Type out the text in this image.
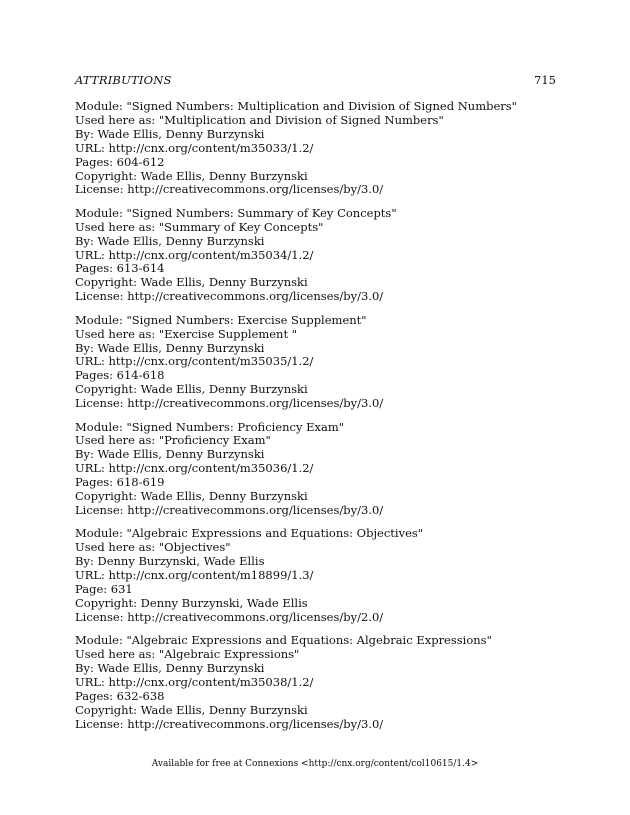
ATTRIBUTIONS	715
Module: "Signed Numbers: Multiplication and Division of Signed Numbers"
Used here as: "Multiplication and Division of Signed Numbers"
By: Wade Ellis, Denny Burzynski
URL: http://cnx.org/content/m35033/1.2/
Pages: 604-612
Copyright: Wade Ellis, Denny Burzynski
License: http://creativecommons.org/licenses/by/3.0/
Module: "Signed Numbers: Summary of Key Concepts"
Used here as: "Summary of Key Concepts"
By: Wade Ellis, Denny Burzynski
URL: http://cnx.org/content/m35034/1.2/
Pages: 613-614
Copyright: Wade Ellis, Denny Burzynski
License: http://creativecommons.org/licenses/by/3.0/
Module: "Signed Numbers: Exercise Supplement"
Used here as: "Exercise Supplement "
By: Wade Ellis, Denny Burzynski
URL: http://cnx.org/content/m35035/1.2/
Pages: 614-618
Copyright: Wade Ellis, Denny Burzynski
License: http://creativecommons.org/licenses/by/3.0/
Module: "Signed Numbers: Proficiency Exam"
Used here as: "Proficiency Exam"
By: Wade Ellis, Denny Burzynski
URL: http://cnx.org/content/m35036/1.2/
Pages: 618-619
Copyright: Wade Ellis, Denny Burzynski
License: http://creativecommons.org/licenses/by/3.0/
Module: "Algebraic Expressions and Equations: Objectives"
Used here as: "Objectives"
By: Denny Burzynski, Wade Ellis
URL: http://cnx.org/content/m18899/1.3/
Page: 631
Copyright: Denny Burzynski, Wade Ellis
License: http://creativecommons.org/licenses/by/2.0/
Module: "Algebraic Expressions and Equations: Algebraic Expressions"
Used here as: "Algebraic Expressions"
By: Wade Ellis, Denny Burzynski
URL: http://cnx.org/content/m35038/1.2/
Pages: 632-638
Copyright: Wade Ellis, Denny Burzynski
License: http://creativecommons.org/licenses/by/3.0/
Available for free at Connexions <http://cnx.org/content/col10615/1.4>
